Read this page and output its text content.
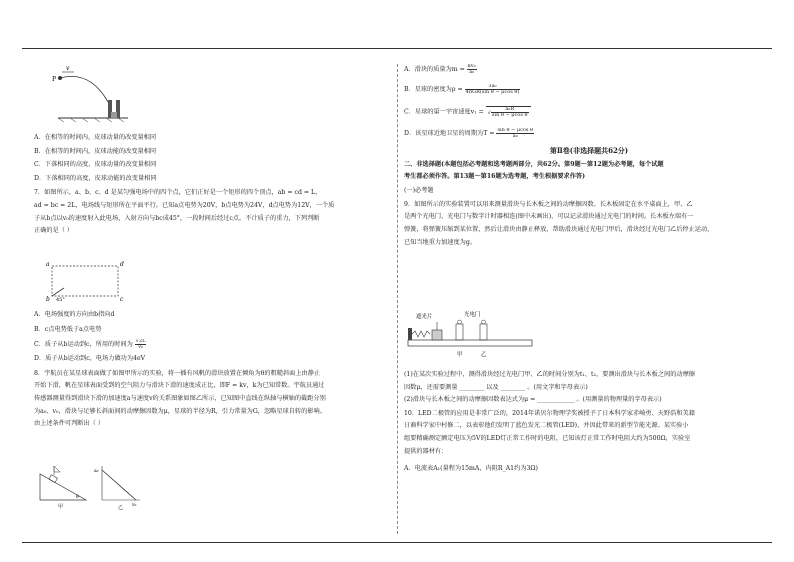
P
v
A．在相等的时间内，皮球动量的改变量相同
B．在相等的时间内，皮球动能的改变量相同
C．下落相同的高度，皮球动量的改变量相同
D．下落相同的高度，皮球动能的改变量相同
7．如图所示，a、b、c、d 是某匀强电场中的四个点，它们正好是一个矩形的四个顶点，ab = cd = L，
ad = bc = 2L，电场线与矩形所在平面平行。已知a点电势为20V，b点电势为24V，d点电势为12V，一个质
子从b点以v₀的速度射入此电场，入射方向与bc成45°，一段时间后经过c点。不计质子的重力，下列判断
正确的是（ ）
a	d
b	c
45°
A．电场强度的方向由b指向d
B．c点电势低于a点电势
C．质子从b运动到c，所用的时间为 $\frac{√2L}{\text{v₀}}$
D．质子从b运动到c，电场力做功为4eV
8．宇航员在某星球表面做了如图甲所示的实验，将一插有风帆的滑块放置在倾角为θ的粗糙斜面上由静止
开始下滑，帆在星球表面受到的空气阻力与滑块下滑的速度成正比，即F = kv，k为已知常数。宇航员通过
传感器测量得到滑块下滑的加速度a与速度v的关系图象如图乙所示，已知图中直线在纵轴与横轴的截距分别
为a₀、v₀，滑块与足够长斜面间的动摩擦因数为μ，星球的半径为R，引力常量为G，忽略星球自转的影响。
由上述条件可判断出（ ）
甲
θ
a₀
v₀
乙
A．滑块的质量为$m = \frac{\text{kv₀}}{\text{a₀}}$
B．星球的密度为$\rho = \frac{\text{3a₀}}{\text{4πGR(sin θ − μcos θ)}}$
C．星球的第一宇宙速度v₁ = √ $\frac{\text{a₀R}}{\text{sin θ − μcos θ}}$
D．该星球近地卫星的周期为$T = \frac{\text{sin θ − μcos θ}}{\text{a₀}}$
第Ⅱ卷(非选择题共62分)
二、非选择题(本题包括必考题和选考题两部分，共62分。第9题～第12题为必考题，每个试题
考生都必须作答。第13题～第16题为选考题，考生根据要求作答)
(一)必考题
9．如图所示的实验装置可以用来测量滑块与长木板之间的动摩擦因数。长木板固定在水平桌面上，甲、乙
是两个光电门，光电门与数字计时器相连(图中未画出)，可以记录滑块通过光电门的时间。长木板左端有一
弹簧，将弹簧压缩到某位置，然后让滑块由静止释放，帮助滑块通过光电门甲后，滑块经过光电门乙后停止运动，
已知当地重力加速度为g。
遮光片	光电门
甲	乙
(1)在某次实验过程中，测得滑块经过光电门甲、乙的时间分别为t₁、t₂，要测出滑块与长木板之间的动摩擦
因数μ，还需要测量 ________ 以及 ________ 。(用文字和字母表示)
(2)滑块与长木板之间的动摩擦因数表达式为μ = ____________ 。(用测量的物理量的字母表示)
10．LED二极管的应用是非常广泛的，2014年诺贝尔物理学奖被授予了日本科学家赤崎勇、天野浩和美籍
日裔科学家中村修二，以表彰他们发明了蓝色发光二极管(LED)，并因此带来的新型节能光源。某实验小
组要精确测定额定电压为5V的LED灯正常工作时的电阻，已知该灯正常工作时电阻大约为500Ω，实验室
提供的器材有：
A．电流表A₁(量程为15mA，内阻R_A1约为3Ω)
